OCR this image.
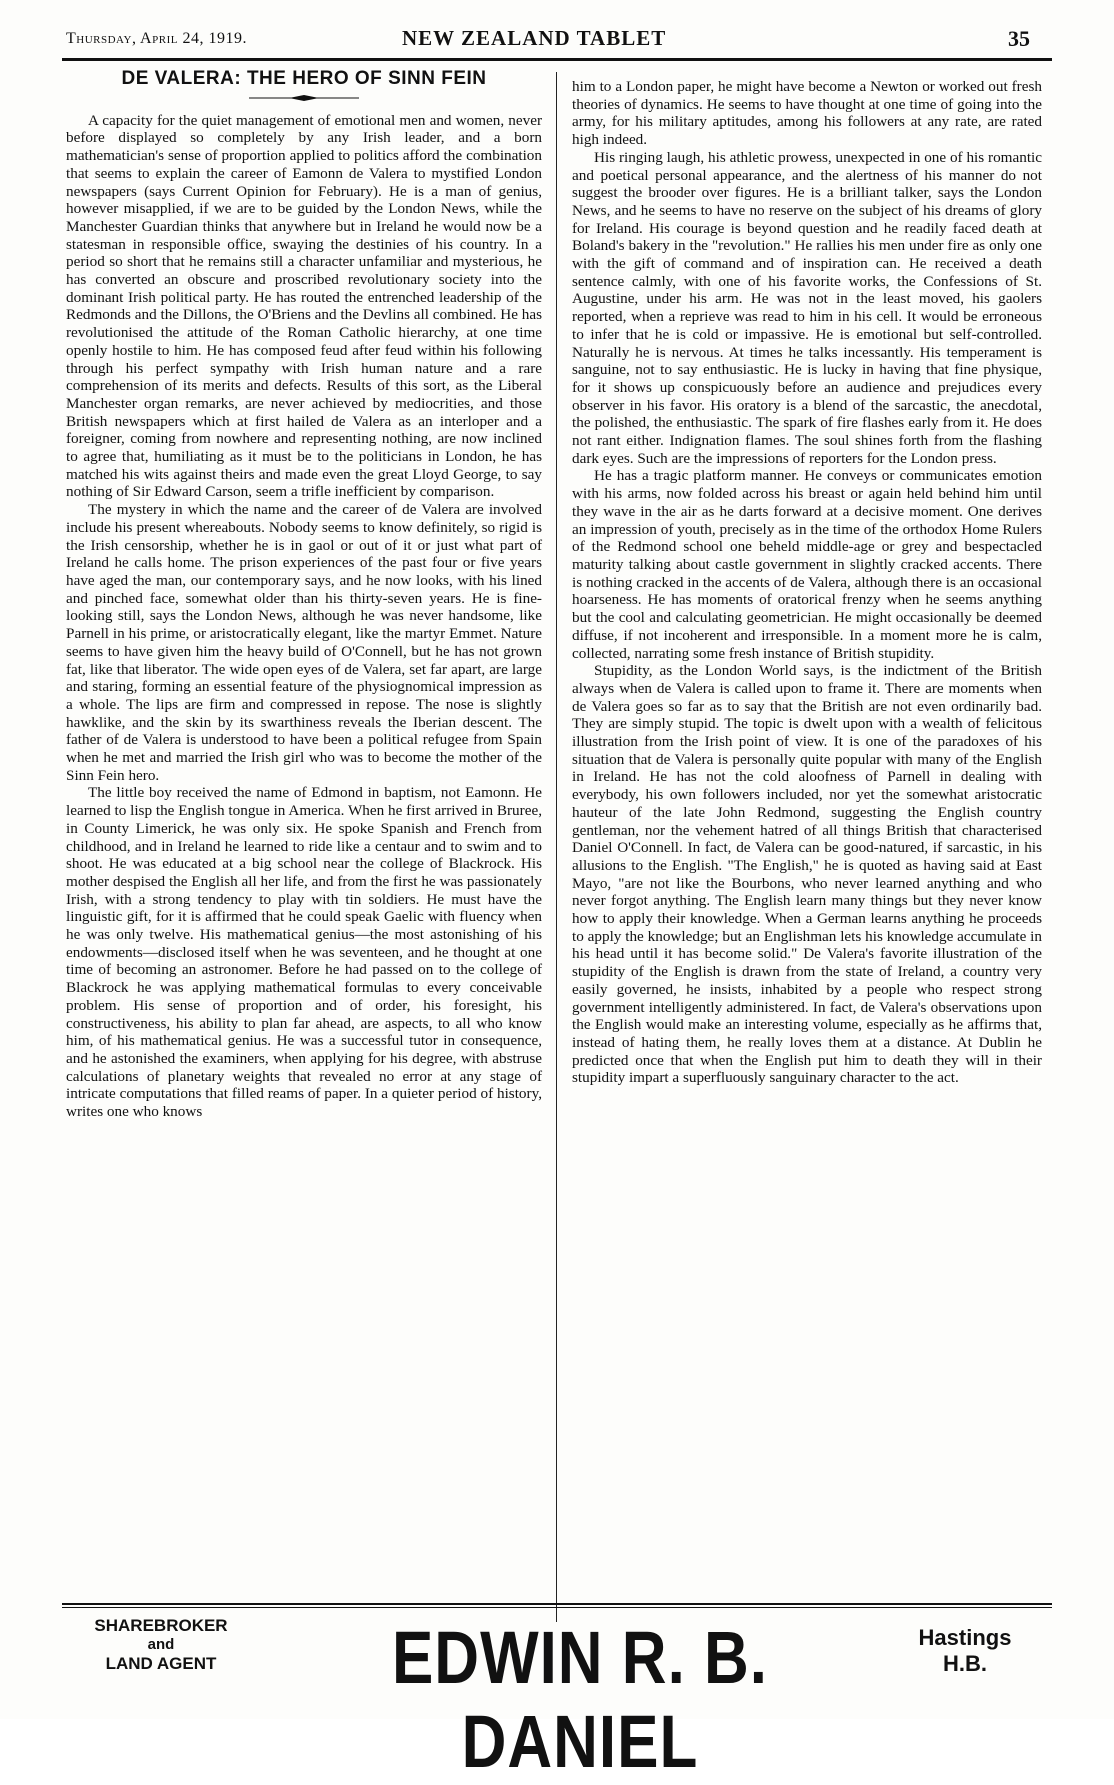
Thursday, April 24, 1919.	NEW ZEALAND TABLET	35
DE VALERA: THE HERO OF SINN FEIN

A capacity for the quiet management of emotional men and women, never before displayed so completely by any Irish leader, and a born mathematician's sense of proportion applied to politics afford the combination that seems to explain the career of Eamonn de Valera to mystified London newspapers (says Current Opinion for February). He is a man of genius, however misapplied, if we are to be guided by the London News, while the Manchester Guardian thinks that anywhere but in Ireland he would now be a statesman in responsible office, swaying the destinies of his country. In a period so short that he remains still a character unfamiliar and mysterious, he has converted an obscure and proscribed revolutionary society into the dominant Irish political party. He has routed the entrenched leadership of the Redmonds and the Dillons, the O'Briens and the Devlins all combined. He has revolutionised the attitude of the Roman Catholic hierarchy, at one time openly hostile to him. He has composed feud after feud within his following through his perfect sympathy with Irish human nature and a rare comprehension of its merits and defects. Results of this sort, as the Liberal Manchester organ remarks, are never achieved by mediocrities, and those British newspapers which at first hailed de Valera as an interloper and a foreigner, coming from nowhere and representing nothing, are now inclined to agree that, humiliating as it must be to the politicians in London, he has matched his wits against theirs and made even the great Lloyd George, to say nothing of Sir Edward Carson, seem a trifle inefficient by comparison.

The mystery in which the name and the career of de Valera are involved include his present whereabouts. Nobody seems to know definitely, so rigid is the Irish censorship, whether he is in gaol or out of it or just what part of Ireland he calls home. The prison experiences of the past four or five years have aged the man, our contemporary says, and he now looks, with his lined and pinched face, somewhat older than his thirty-seven years. He is fine-looking still, says the London News, although he was never handsome, like Parnell in his prime, or aristocratically elegant, like the martyr Emmet. Nature seems to have given him the heavy build of O'Connell, but he has not grown fat, like that liberator. The wide open eyes of de Valera, set far apart, are large and staring, forming an essential feature of the physiognomical impression as a whole. The lips are firm and compressed in repose. The nose is slightly hawklike, and the skin by its swarthiness reveals the Iberian descent. The father of de Valera is understood to have been a political refugee from Spain when he met and married the Irish girl who was to become the mother of the Sinn Fein hero.

The little boy received the name of Edmond in baptism, not Eamonn. He learned to lisp the English tongue in America. When he first arrived in Bruree, in County Limerick, he was only six. He spoke Spanish and French from childhood, and in Ireland he learned to ride like a centaur and to swim and to shoot. He was educated at a big school near the college of Blackrock. His mother despised the English all her life, and from the first he was passionately Irish, with a strong tendency to play with tin soldiers. He must have the linguistic gift, for it is affirmed that he could speak Gaelic with fluency when he was only twelve. His mathematical genius—the most astonishing of his endowments—disclosed itself when he was seventeen, and he thought at one time of becoming an astronomer. Before he had passed on to the college of Blackrock he was applying mathematical formulas to every conceivable problem. His sense of proportion and of order, his foresight, his constructiveness, his ability to plan far ahead, are aspects, to all who know him, of his mathematical genius. He was a successful tutor in consequence, and he astonished the examiners, when applying for his degree, with abstruse calculations of planetary weights that revealed no error at any stage of intricate computations that filled reams of paper. In a quieter period of history, writes one who knows

him to a London paper, he might have become a Newton or worked out fresh theories of dynamics. He seems to have thought at one time of going into the army, for his military aptitudes, among his followers at any rate, are rated high indeed.

His ringing laugh, his athletic prowess, unexpected in one of his romantic and poetical personal appearance, and the alertness of his manner do not suggest the brooder over figures. He is a brilliant talker, says the London News, and he seems to have no reserve on the subject of his dreams of glory for Ireland. His courage is beyond question and he readily faced death at Boland's bakery in the "revolution." He rallies his men under fire as only one with the gift of command and of inspiration can. He received a death sentence calmly, with one of his favorite works, the Confessions of St. Augustine, under his arm. He was not in the least moved, his gaolers reported, when a reprieve was read to him in his cell. It would be erroneous to infer that he is cold or impassive. He is emotional but self-controlled. Naturally he is nervous. At times he talks incessantly. His temperament is sanguine, not to say enthusiastic. He is lucky in having that fine physique, for it shows up conspicuously before an audience and prejudices every observer in his favor. His oratory is a blend of the sarcastic, the anecdotal, the polished, the enthusiastic. The spark of fire flashes early from it. He does not rant either. Indignation flames. The soul shines forth from the flashing dark eyes. Such are the impressions of reporters for the London press.

He has a tragic platform manner. He conveys or communicates emotion with his arms, now folded across his breast or again held behind him until they wave in the air as he darts forward at a decisive moment. One derives an impression of youth, precisely as in the time of the orthodox Home Rulers of the Redmond school one beheld middle-age or grey and bespectacled maturity talking about castle government in slightly cracked accents. There is nothing cracked in the accents of de Valera, although there is an occasional hoarseness. He has moments of oratorical frenzy when he seems anything but the cool and calculating geometrician. He might occasionally be deemed diffuse, if not incoherent and irresponsible. In a moment more he is calm, collected, narrating some fresh instance of British stupidity.

Stupidity, as the London World says, is the indictment of the British always when de Valera is called upon to frame it. There are moments when de Valera goes so far as to say that the British are not even ordinarily bad. They are simply stupid. The topic is dwelt upon with a wealth of felicitous illustration from the Irish point of view. It is one of the paradoxes of his situation that de Valera is personally quite popular with many of the English in Ireland. He has not the cold aloofness of Parnell in dealing with everybody, his own followers included, nor yet the somewhat aristocratic hauteur of the late John Redmond, suggesting the English country gentleman, nor the vehement hatred of all things British that characterised Daniel O'Connell. In fact, de Valera can be good-natured, if sarcastic, in his allusions to the English. "The English," he is quoted as having said at East Mayo, "are not like the Bourbons, who never learned anything and who never forgot anything. The English learn many things but they never know how to apply their knowledge. When a German learns anything he proceeds to apply the knowledge; but an Englishman lets his knowledge accumulate in his head until it has become solid." De Valera's favorite illustration of the stupidity of the English is drawn from the state of Ireland, a country very easily governed, he insists, inhabited by a people who respect strong government intelligently administered. In fact, de Valera's observations upon the English would make an interesting volume, especially as he affirms that, instead of hating them, he really loves them at a distance. At Dublin he predicted once that when the English put him to death they will in their stupidity impart a superfluously sanguinary character to the act.

SHAREBROKER
and
LAND AGENT	EDWIN R. B. DANIEL
Hastings
H.B.
